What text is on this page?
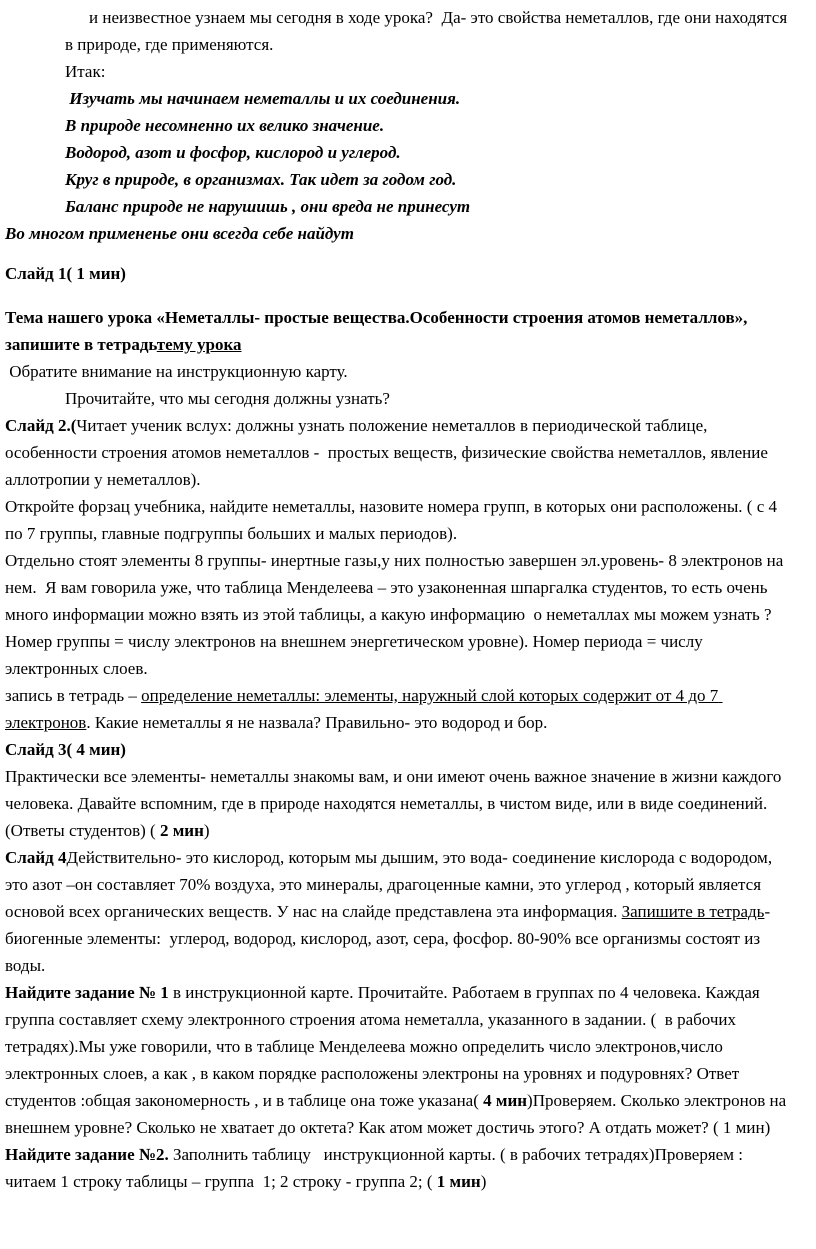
и неизвестное узнаем мы сегодня в ходе урока?  Да- это свойства неметаллов, где они находятся в природе, где применяются.

Итак:

Изучать мы начинаем неметаллы и их соединения.

В природе несомненно их велико значение.

Водород, азот и фосфор, кислород и углерод.

Круг в природе, в организмах. Так идет за годом год.

Баланс природе не нарушишь , они вреда не принесут

Во многом примененье они всегда себе найдут

Слайд 1( 1 мин)

Тема нашего урока «Неметаллы- простые вещества.Особенности строения атомов неметаллов», запишите в тетрадьтему урока

Обратите внимание на инструкционную карту.

Прочитайте, что мы сегодня должны узнать?

Слайд 2.(Читает ученик вслух: должны узнать положение неметаллов в периодической таблице, особенности строения атомов неметаллов -  простых веществ, физические свойства неметаллов, явление аллотропии у неметаллов).

Откройте форзац учебника, найдите неметаллы, назовите номера групп, в которых они расположены. ( с 4 по 7 группы, главные подгруппы больших и малых периодов).

Отдельно стоят элементы 8 группы- инертные газы,у них полностью завершен эл.уровень- 8 электронов на нем.  Я вам говорила уже, что таблица Менделеева – это узаконенная шпаргалка студентов, то есть очень много информации можно взять из этой таблицы, а какую информацию  о неметаллах мы можем узнать ?  Номер группы = числу электронов на внешнем энергетическом уровне). Номер периода = числу электронных слоев.

запись в тетрадь – определение неметаллы: элементы, наружный слой которых содержит от 4 до 7 электронов. Какие неметаллы я не назвала? Правильно- это водород и бор.

Слайд 3( 4 мин)

Практически все элементы- неметаллы знакомы вам, и они имеют очень важное значение в жизни каждого человека. Давайте вспомним, где в природе находятся неметаллы, в чистом виде, или в виде соединений. (Ответы студентов) ( 2 мин)

Слайд 4Действительно- это кислород, которым мы дышим, это вода- соединение кислорода с водородом, это азот –он составляет 70% воздуха, это минералы, драгоценные камни, это углерод , который является основой всех органических веществ. У нас на слайде представлена эта информация. Запишите в тетрадь-биогенные элементы:  углерод, водород, кислород, азот, сера, фосфор. 80-90% все организмы состоят из воды.

Найдите задание № 1 в инструкционной карте. Прочитайте. Работаем в группах по 4 человека. Каждая группа составляет схему электронного строения атома неметалла, указанного в задании. (  в рабочих тетрадях).Мы уже говорили, что в таблице Менделеева можно определить число электронов,число электронных слоев, а как , в каком порядке расположены электроны на уровнях и подуровнях? Ответ студентов :общая закономерность , и в таблице она тоже указана( 4 мин)Проверяем. Сколько электронов на внешнем уровне? Сколько не хватает до октета? Как атом может достичь этого? А отдать может? ( 1 мин)

Найдите задание №2. Заполнить таблицу   инструкционной карты. ( в рабочих тетрадях)Проверяем : читаем 1 строку таблицы – группа  1; 2 строку - группа 2; ( 1 мин)
